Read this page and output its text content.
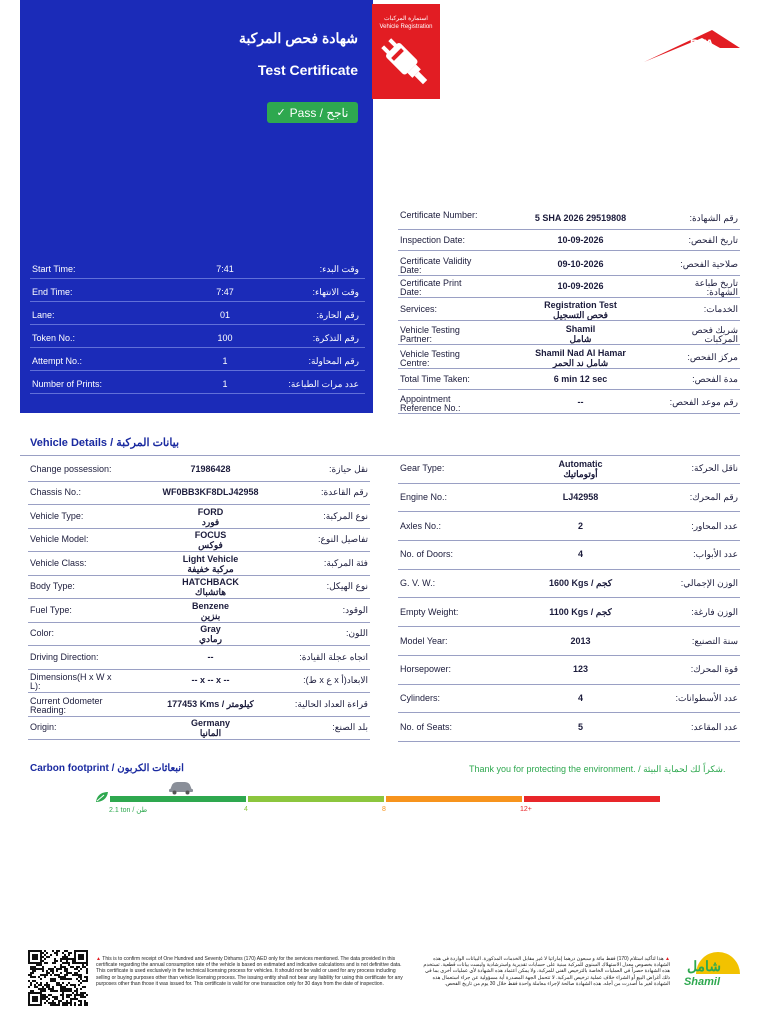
شهادة فحص المركبة
Test Certificate
✓ Pass / ناجح
استمارة المركبات
Vehicle Registration
RTA
Start Time:	7:41	وقت البدء:
End Time:	7:47	وقت الانتهاء:
Lane:	01	رقم الحارة:
Token No.:	100	رقم التذكرة:
Attempt No.:	1	رقم المحاولة:
Number of Prints:	1	عدد مرات الطباعة:
Certificate Number:	5 SHA 2026 29519808	رقم الشهادة:
Inspection Date:	10-09-2026	تاريخ الفحص:
Certificate Validity Date:
09-10-2026	صلاحية الفحص:
Certificate Print Date:
10-09-2026	تاريخ طباعة الشهادة:
Services:	Registration Test
فحص التسجيل
الخدمات:
Vehicle Testing Partner:
Shamil
شامل
شريك فحص المركبات
Vehicle Testing Centre:
Shamil Nad Al Hamar
شامل ند الحمر
مركز الفحص:
Total Time Taken:	6 min 12 sec	مدة الفحص:
Appointment Reference No.:
--	رقم موعد الفحص:
Vehicle Details / بيانات المركبة
Change possession:	71986428	نقل حيازة:
Chassis No.:	WF0BB3KF8DLJ42958	رقم القاعدة:
Vehicle Type:	FORD
فورد
نوع المركبة:
Vehicle Model:	FOCUS
فوكس
تفاصيل النوع:
Vehicle Class:	Light Vehicle
مركبة خفيفة
فئة المركبة:
Body Type:	HATCHBACK
هاتشباك
نوع الهيكل:
Fuel Type:	Benzene
بنزين
الوقود:
Color:	Gray
رمادي
اللون:
Driving Direction:	--	اتجاه عجلة القيادة:
Dimensions(H x W x L):
-- x -- x --	الابعاد(أ x ع x ط):
Current Odometer Reading:
177453 Kms / كيلومتر	قراءة العداد الحالية:
Origin:	Germany
المانيا
بلد الصنع:
Gear Type:	Automatic
أوتوماتيك
ناقل الحركة:
Engine No.:	LJ42958	رقم المحرك:
Axles No.:	2	عدد المحاور:
No. of Doors:	4	عدد الأبواب:
G. V. W.:	1600 Kgs / كجم	الوزن الإجمالي:
Empty Weight:	1100 Kgs / كجم	الوزن فارغة:
Model Year:	2013	سنة التصنيع:
Horsepower:	123	قوة المحرك:
Cylinders:	4	عدد الأسطوانات:
No. of Seats:	5	عدد المقاعد:
Carbon footprint / انبعاثات الكربون	Thank you for protecting the environment. / شكراً لك لحماية البيئة.
4	8	12+
2.1 ton / طن
▲ This is to confirm receipt of One Hundred and Seventy Dirhams (170) AED only for the services mentioned. The data provided in this certificate regarding the annual consumption rate of the vehicle is based on estimated and indicative calculations and is not definitive data. This certificate is used exclusively in the technical licensing process for vehicles. It should not be valid or used for any process including selling or buying purposes other than vehicle licensing process. The issuing entity shall not bear any liability for using this certificate for any purposes other than those it was issued for. This certificate is valid for one transaction only for 30 days from the date of inspection.
▲ هذا لتأكيد استلام (170) فقط مائة و سبعون درهما إماراتيا لا غير مقابل الخدمات المذكورة. البيانات الواردة في هذه الشهادة بخصوص معدل الاستهلاك السنوي للمركبة مبنية على حسابات تقديرية واسترشادية وليست بيانات قطعية. تستخدم هذه الشهادة حصراً في العمليات الخاصة بالترخيص الفني للمركبة، ولا يمكن اعتماد هذه الشهادة لأي عمليات أخرى بما في ذلك أغراض البيع أو الشراء خلاف عملية ترخيص المركبة. لا تتحمل الجهة المصدرة أية مسؤولية عن جراء استعمال هذه الشهادة لغير ما أصدرت من أجله. هذه الشهادة صالحة لإجراء معاملة واحدة فقط خلال 30 يوم من تاريخ الفحص.
شامل
Shamil
